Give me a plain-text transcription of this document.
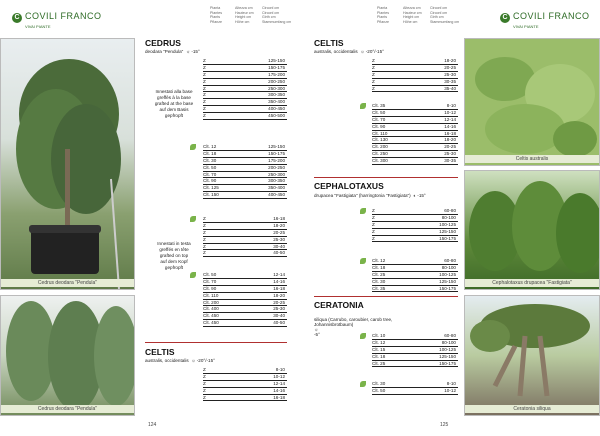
Cedrus deodara "Pendula"
Cedrus deodara "Pendula"
C COVILI FRANCO
VIVAI PIANTE
Pianta
Plantes
Plants
Pflanze
Altezza cm
Hauteur cm
Height cm
Höhe cm
Circonf.cm
Circonf.cm
Girth cm
Stammumfang cm
CEDRUS
deodara "Pendula" ☼ -15°
Z	125-150
Z	150-175
Z	175-200
Z	200-250
Z	250-300
Z	300-350
Z	350-400
Z	400-450
Z	450-500
Innestati alla base
greffés à la base
grafted at the base
auf dem Basis
gepfropft
Clt. 12	125-150
Clt. 18	150-175
Clt. 30	175-200
Clt. 50	200-250
Clt. 70	250-300
Clt. 90	300-350
Clt. 125	350-400
Clt. 150	400-450
Z	16-18
Z	18-20
Z	20-25
Z	25-30
Z	30-40
Z	40-50
Innestati in testa
greffés en tête
grafted on top
auf dem Kopf
gepfropft
Clt. 50	12-14
Clt. 70	14-16
Clt. 90	16-18
Clt. 110	18-20
Clt. 200	20-25
Clt. 400	25-30
Clt. 450	30-40
Clt. 450	40-50
CELTIS
australis, occidentalis ☼ -20°/-15°
Z	8-10
Z	10-12
Z	12-14
Z	14-16
Z	16-18
124
C COVILI FRANCO
VIVAI PIANTE
Pianta
Plantes
Plants
Pflanze
Altezza cm
Hauteur cm
Height cm
Höhe cm
Circonf.cm
Circonf.cm
Girth cm
Stammumfang cm
Celtis australis
Cephalotaxus drupacea "Fastigiata"
Ceratonia siliqua
CELTIS
australis, occidentalis ☼ -20°/-15°
Z	18-20
Z	20-25
Z	25-30
Z	30-35
Z	35-40
Clt. 35	8-10
Clt. 50	10-12
Clt. 70	12-14
Clt. 90	14-16
Clt. 110	16-18
Clt. 130	18-20
Clt. 200	20-25
Clt. 250	25-30
Clt. 300	30-35
CEPHALOTAXUS
drupacea "Fastigiata" (harringtonia "Fastigiata") ◐ -15°
Z	60-80
Z	80-100
Z	100-125
Z	125-150
Z	150-175
Clt. 12	60-80
Clt. 18	80-100
Clt. 25	100-125
Clt. 30	125-150
Clt. 35	150-175
CERATONIA

siliqua (Carrubo, caroubier, carob tree,
Johannisbrotbaum)
☼
-5°	Clt. 10	60-80
Clt. 12	80-100
Clt. 15	100-125
Clt. 18	125-150
Clt. 25	150-175
Clt. 30	8-10
Clt. 50	10-12
125
